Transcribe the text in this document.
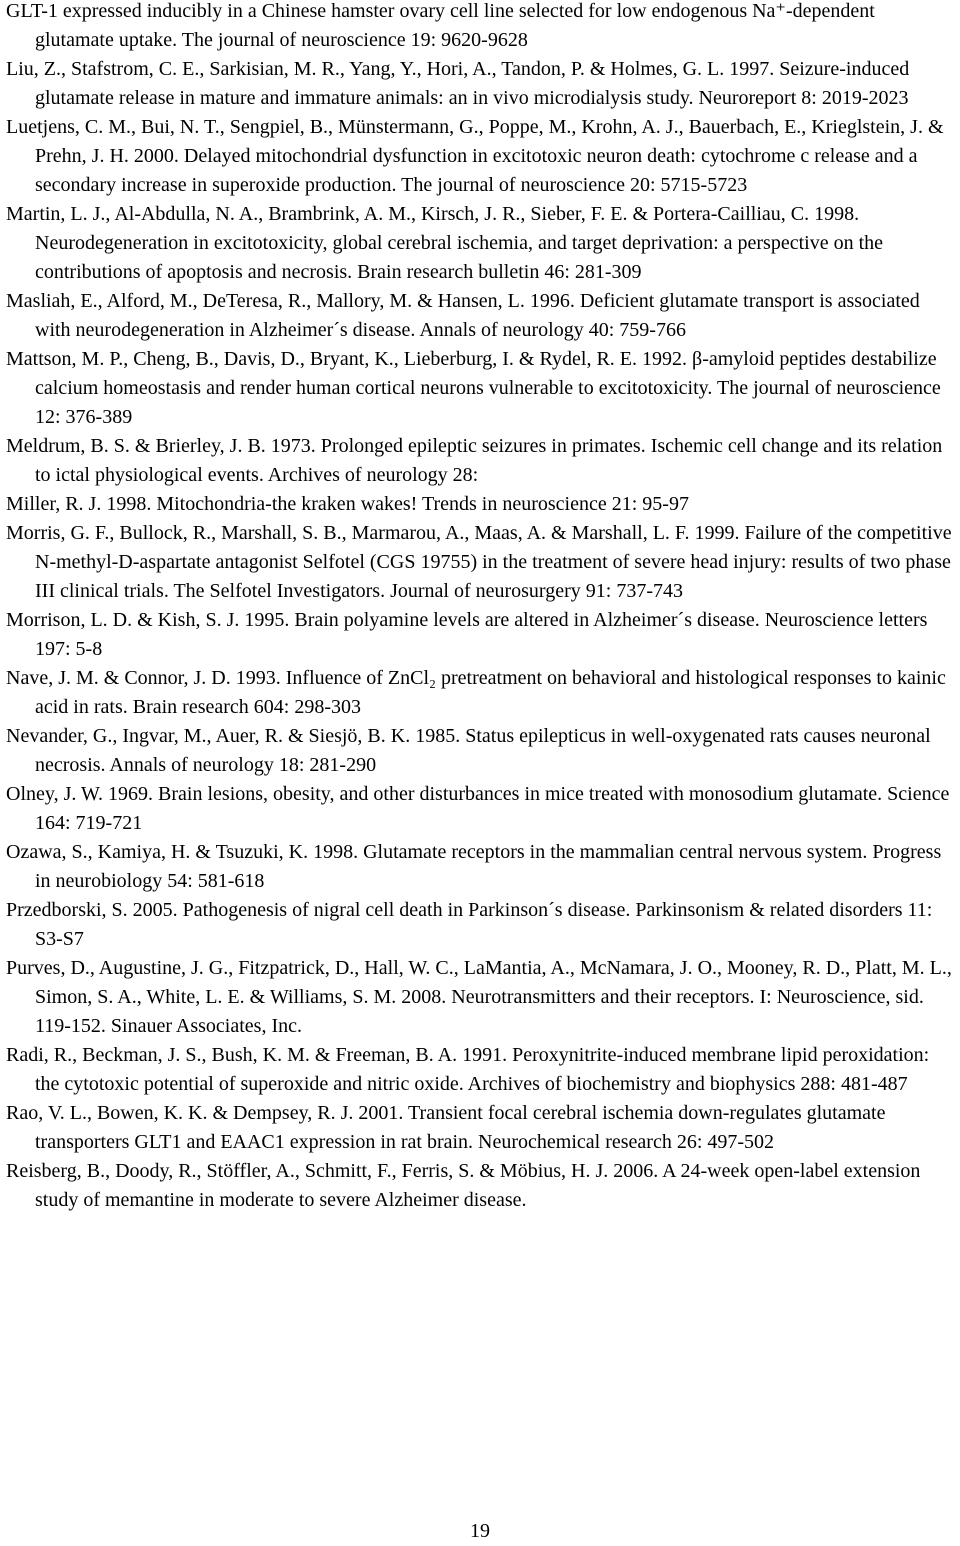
GLT-1 expressed inducibly in a Chinese hamster ovary cell line selected for low endogenous Na⁺-dependent glutamate uptake. The journal of neuroscience 19: 9620-9628

Liu, Z., Stafstrom, C. E., Sarkisian, M. R., Yang, Y., Hori, A., Tandon, P. & Holmes, G. L. 1997. Seizure-induced glutamate release in mature and immature animals: an in vivo microdialysis study. Neuroreport 8: 2019-2023

Luetjens, C. M., Bui, N. T., Sengpiel, B., Münstermann, G., Poppe, M., Krohn, A. J., Bauerbach, E., Krieglstein, J. & Prehn, J. H. 2000. Delayed mitochondrial dysfunction in excitotoxic neuron death: cytochrome c release and a secondary increase in superoxide production. The journal of neuroscience 20: 5715-5723

Martin, L. J., Al-Abdulla, N. A., Brambrink, A. M., Kirsch, J. R., Sieber, F. E. & Portera-Cailliau, C. 1998. Neurodegeneration in excitotoxicity, global cerebral ischemia, and target deprivation: a perspective on the contributions of apoptosis and necrosis. Brain research bulletin 46: 281-309

Masliah, E., Alford, M., DeTeresa, R., Mallory, M. & Hansen, L. 1996. Deficient glutamate transport is associated with neurodegeneration in Alzheimer´s disease. Annals of neurology 40: 759-766

Mattson, M. P., Cheng, B., Davis, D., Bryant, K., Lieberburg, I. & Rydel, R. E. 1992. β-amyloid peptides destabilize calcium homeostasis and render human cortical neurons vulnerable to excitotoxicity. The journal of neuroscience 12: 376-389

Meldrum, B. S. & Brierley, J. B. 1973. Prolonged epileptic seizures in primates. Ischemic cell change and its relation to ictal physiological events. Archives of neurology 28:

Miller, R. J. 1998. Mitochondria-the kraken wakes! Trends in neuroscience 21: 95-97

Morris, G. F., Bullock, R., Marshall, S. B., Marmarou, A., Maas, A. & Marshall, L. F. 1999. Failure of the competitive N-methyl-D-aspartate antagonist Selfotel (CGS 19755) in the treatment of severe head injury: results of two phase III clinical trials. The Selfotel Investigators. Journal of neurosurgery 91: 737-743

Morrison, L. D. & Kish, S. J. 1995. Brain polyamine levels are altered in Alzheimer´s disease. Neuroscience letters 197: 5-8

Nave, J. M. & Connor, J. D. 1993. Influence of ZnCl₂ pretreatment on behavioral and histological responses to kainic acid in rats. Brain research 604: 298-303

Nevander, G., Ingvar, M., Auer, R. & Siesjö, B. K. 1985. Status epilepticus in well-oxygenated rats causes neuronal necrosis. Annals of neurology 18: 281-290

Olney, J. W. 1969. Brain lesions, obesity, and other disturbances in mice treated with monosodium glutamate. Science 164: 719-721

Ozawa, S., Kamiya, H. & Tsuzuki, K. 1998. Glutamate receptors in the mammalian central nervous system. Progress in neurobiology 54: 581-618

Przedborski, S. 2005. Pathogenesis of nigral cell death in Parkinson´s disease. Parkinsonism & related disorders 11: S3-S7

Purves, D., Augustine, J. G., Fitzpatrick, D., Hall, W. C., LaMantia, A., McNamara, J. O., Mooney, R. D., Platt, M. L., Simon, S. A., White, L. E. & Williams, S. M. 2008. Neurotransmitters and their receptors. I: Neuroscience, sid. 119-152. Sinauer Associates, Inc.

Radi, R., Beckman, J. S., Bush, K. M. & Freeman, B. A. 1991. Peroxynitrite-induced membrane lipid peroxidation: the cytotoxic potential of superoxide and nitric oxide. Archives of biochemistry and biophysics 288: 481-487

Rao, V. L., Bowen, K. K. & Dempsey, R. J. 2001. Transient focal cerebral ischemia down-regulates glutamate transporters GLT1 and EAAC1 expression in rat brain. Neurochemical research 26: 497-502

Reisberg, B., Doody, R., Stöffler, A., Schmitt, F., Ferris, S. & Möbius, H. J. 2006. A 24-week open-label extension study of memantine in moderate to severe Alzheimer disease.

19
